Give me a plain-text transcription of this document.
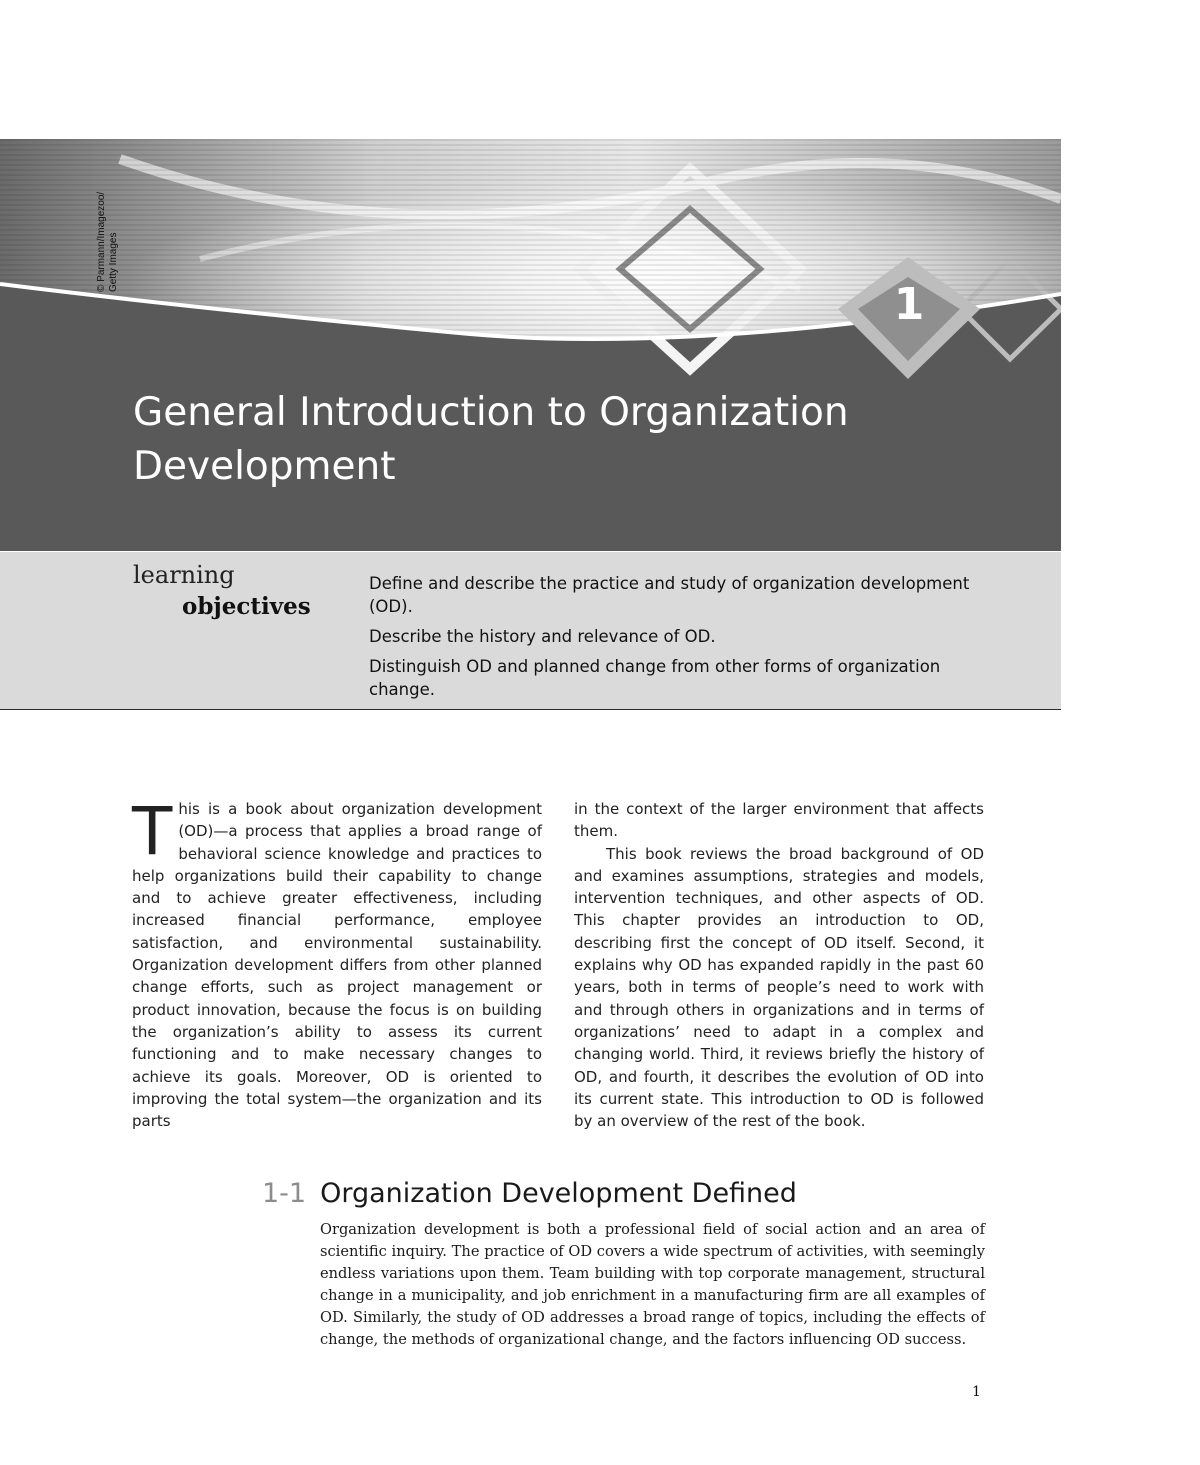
1
© Parmann/Imagezoo/ Getty Images
General Introduction to Organization Development
learning
objectives
Define and describe the practice and study of organization development (OD).
Describe the history and relevance of OD.
Distinguish OD and planned change from other forms of organization change.
T his is a book about organization development (OD)—a process that applies a broad range of behavioral science knowledge and practices to help organizations build their capability to change and to achieve greater effectiveness, including increased financial performance, employee satisfaction, and environmental sustainability. Organization development differs from other planned change efforts, such as project management or product innovation, because the focus is on building the organization’s ability to assess its current functioning and to make necessary changes to achieve its goals. Moreover, OD is oriented to improving the total system—the organization and its parts

in the context of the larger environment that affects them.

This book reviews the broad background of OD and examines assumptions, strategies and models, intervention techniques, and other aspects of OD. This chapter provides an introduction to OD, describing first the concept of OD itself. Second, it explains why OD has expanded rapidly in the past 60 years, both in terms of people’s need to work with and through others in organizations and in terms of organizations’ need to adapt in a complex and changing world. Third, it reviews briefly the history of OD, and fourth, it describes the evolution of OD into its current state. This introduction to OD is followed by an overview of the rest of the book.

1-1 Organization Development Defined

Organization development is both a professional field of social action and an area of scientific inquiry. The practice of OD covers a wide spectrum of activities, with seemingly endless variations upon them. Team building with top corporate management, structural change in a municipality, and job enrichment in a manufacturing firm are all examples of OD. Similarly, the study of OD addresses a broad range of topics, including the effects of change, the methods of organizational change, and the factors influencing OD success.

1
